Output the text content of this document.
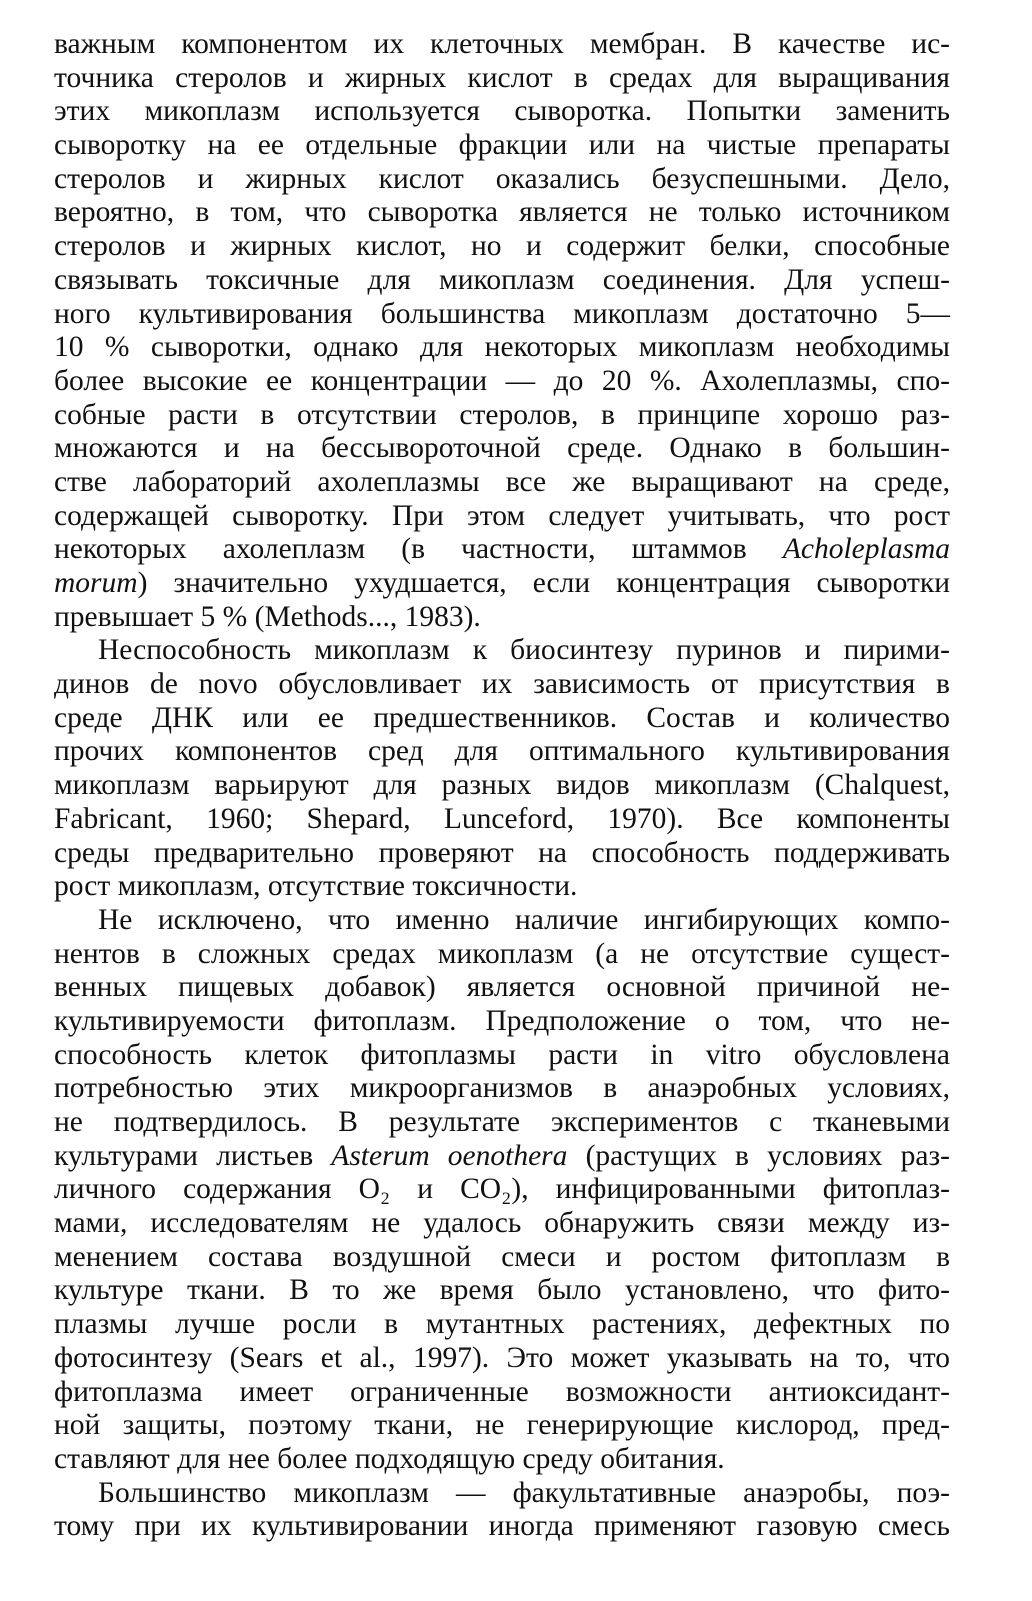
важным компонентом их клеточных мембран. В качестве ис-
точника стеролов и жирных кислот в средах для выращивания
этих микоплазм используется сыворотка. Попытки заменить
сыворотку на ее отдельные фракции или на чистые препараты
стеролов и жирных кислот оказались безуспешными. Дело,
вероятно, в том, что сыворотка является не только источником
стеролов и жирных кислот, но и содержит белки, способные
связывать токсичные для микоплазм соединения. Для успеш-
ного культивирования большинства микоплазм достаточно 5—
10 % сыворотки, однако для некоторых микоплазм необходимы
более высокие ее концентрации — до 20 %. Ахолеплазмы, спо-
собные расти в отсутствии стеролов, в принципе хорошо раз-
множаются и на бессывороточной среде. Однако в большин-
стве лабораторий ахолеплазмы все же выращивают на среде,
содержащей сыворотку. При этом следует учитывать, что рост
некоторых ахолеплазм (в частности, штаммов Acholeplasma
morum) значительно ухудшается, если концентрация сыворотки
превышает 5 % (Methods..., 1983).
Неспособность микоплазм к биосинтезу пуринов и пирими-
динов de novo обусловливает их зависимость от присутствия в
среде ДНК или ее предшественников. Состав и количество
прочих компонентов сред для оптимального культивирования
микоплазм варьируют для разных видов микоплазм (Chalquest,
Fabricant, 1960; Shepard, Lunceford, 1970). Все компоненты
среды предварительно проверяют на способность поддерживать
рост микоплазм, отсутствие токсичности.
Не исключено, что именно наличие ингибирующих компо-
нентов в сложных средах микоплазм (а не отсутствие сущест-
венных пищевых добавок) является основной причиной не-
культивируемости фитоплазм. Предположение о том, что не-
способность клеток фитоплазмы расти in vitro обусловлена
потребностью этих микроорганизмов в анаэробных условиях,
не подтвердилось. В результате экспериментов с тканевыми
культурами листьев Asterum oenothera (растущих в условиях раз-
личного содержания O₂ и CO₂), инфицированными фитоплаз-
мами, исследователям не удалось обнаружить связи между из-
менением состава воздушной смеси и ростом фитоплазм в
культуре ткани. В то же время было установлено, что фито-
плазмы лучше росли в мутантных растениях, дефектных по
фотосинтезу (Sears et al., 1997). Это может указывать на то, что
фитоплазма имеет ограниченные возможности антиоксидант-
ной защиты, поэтому ткани, не генерирующие кислород, пред-
ставляют для нее более подходящую среду обитания.
Большинство микоплазм — факультативные анаэробы, поэ-
тому при их культивировании иногда применяют газовую смесь
